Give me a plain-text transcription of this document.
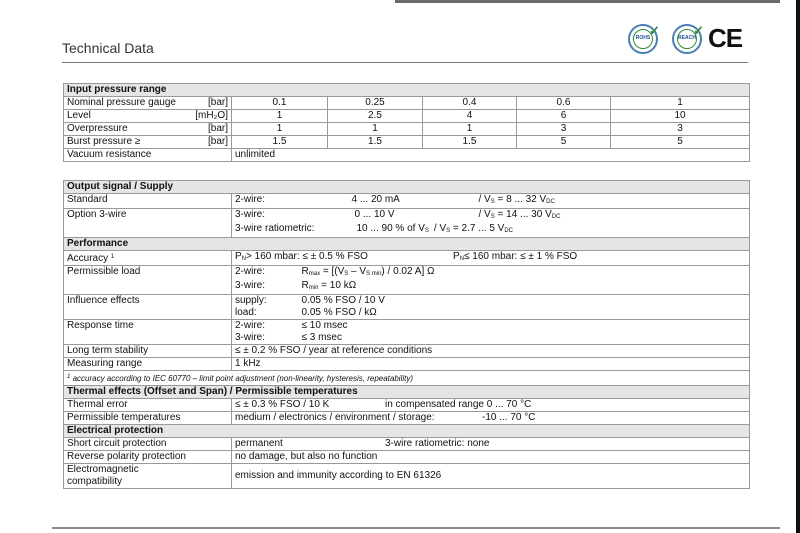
Technical Data
ROHS
✓	REACH
✓ CE
Input pressure range					
Nominal pressure gauge [bar]	0.1	0.25	0.4	0.6	1
Level [mH₂O]	1	2.5	4	6	10
Overpressure [bar]	1	1	1	3	3
Burst pressure ≥ [bar]	1.5	1.5	1.5	5	5
Vacuum resistance	unlimited				
Output signal / Supply		
Standard	2-wire:	4 ... 20 mA / VS = 8 ... 32 VDC
Option 3-wire	3-wire:	0 ... 10 V / VS = 14 ... 30 VDC
	3-wire ratiometric:	10 ... 90 % of VS / VS = 2.7 ... 5 VDC
Performance		
Accuracy $^1$	PN> 160 mbar: ≤ ± 0.5 % FSO PN≤ 160 mbar: ≤ ± 1 % FSO	
Permissible load	2-wire:	Rmax = [(VS – VS min) / 0.02 A] Ω
	3-wire:	Rmin = 10 kΩ
Influence effects	supply:	0.05 % FSO / 10 V
	load:	0.05 % FSO / kΩ
Response time	2-wire:	≤ 10 msec
	3-wire:	≤ 3 msec
Long term stability	≤ ± 0.2 % FSO / year at reference conditions	
Measuring range	1 kHz	
$^1$ accuracy according to IEC 60770 – limit point adjustment (non-linearity, hysteresis, repeatability)		
Thermal effects (Offset and Span) / Permissible temperatures		
Thermal error	≤ ± 0.3 % FSO / 10 K in compensated range 0 ... 70 °C	
Permissible temperatures	medium / electronics / environment / storage: -10 ... 70 °C	
Electrical protection		
Short circuit protection	permanent 3-wire ratiometric: none	
Reverse polarity protection	no damage, but also no function	

Electromagnetic
compatibility	emission and immunity according to EN 61326	
